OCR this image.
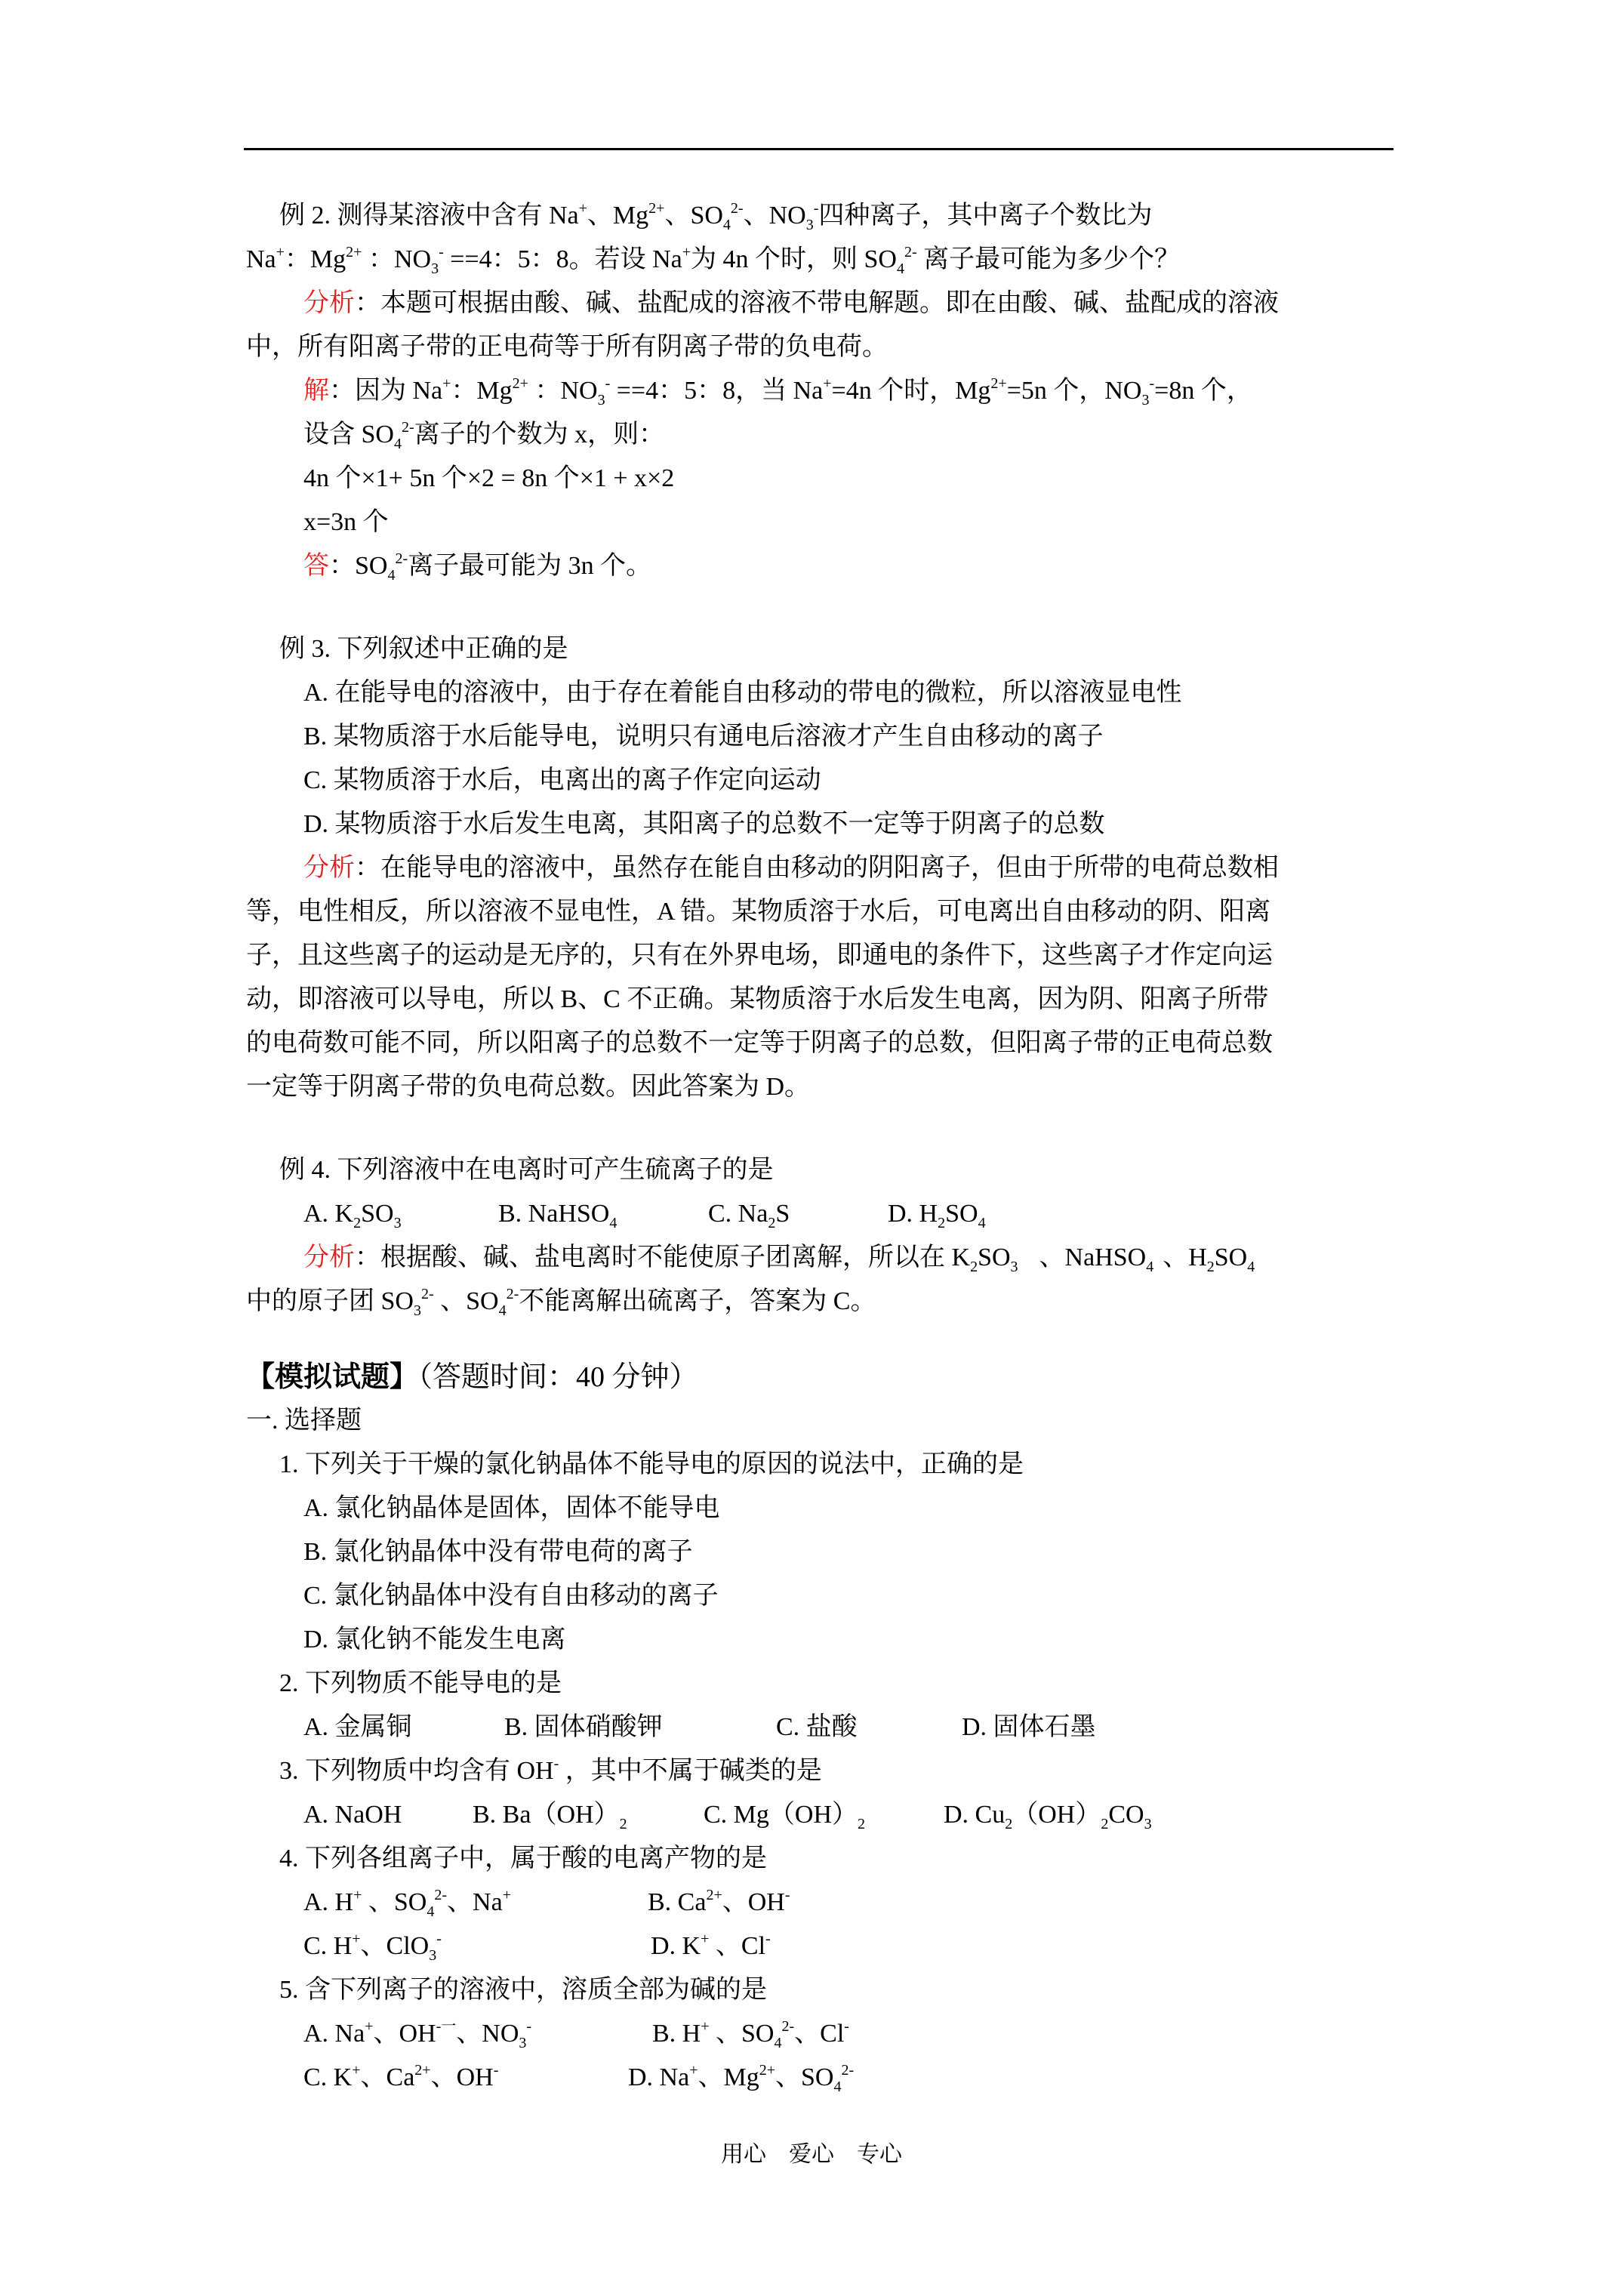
例 2. 测得某溶液中含有 Na+、$Mg^{2+}$、$SO_4^{2-}$、$NO_3^-$四种离子，其中离子个数比为
Na+：$Mg^{2+}$ ：$NO_3^- ==4$：5：8。若设 Na+为 4n 个时，则 $SO_4^{2-}$ 离子最可能为多少个？
分析：本题可根据由酸、碱、盐配成的溶液不带电解题。即在由酸、碱、盐配成的溶液
中，所有阳离子带的正电荷等于所有阴离子带的负电荷。
解：因为 Na+：$Mg^{2+}$ ：$NO_3^- ==4$：5：8，当 Na+=4n 个时，$Mg^{2+}=5n$ 个，$NO_3^-=8n$ 个，
设含 $SO_4^{2-}$离子的个数为 x，则：
4n 个×1+ 5n 个×2 = 8n 个×1 + x×2
x=3n 个
答：$SO_4^{2-}$离子最可能为 3n 个。
例 3. 下列叙述中正确的是
A. 在能导电的溶液中，由于存在着能自由移动的带电的微粒，所以溶液显电性
B. 某物质溶于水后能导电，说明只有通电后溶液才产生自由移动的离子
C. 某物质溶于水后，电离出的离子作定向运动
D. 某物质溶于水后发生电离，其阳离子的总数不一定等于阴离子的总数
分析：在能导电的溶液中，虽然存在能自由移动的阴阳离子，但由于所带的电荷总数相
等，电性相反，所以溶液不显电性，A 错。某物质溶于水后，可电离出自由移动的阴、阳离
子，且这些离子的运动是无序的，只有在外界电场，即通电的条件下，这些离子才作定向运
动，即溶液可以导电，所以 B、C 不正确。某物质溶于水后发生电离，因为阴、阳离子所带
的电荷数可能不同，所以阳离子的总数不一定等于阴离子的总数，但阳离子带的正电荷总数
一定等于阴离子带的负电荷总数。因此答案为 D。
例 4. 下列溶液中在电离时可产生硫离子的是
A. $K_2SO_3$	B. NaHSO$_4$	C. $Na_2S$	D. $H_2SO_4$
分析：根据酸、碱、盐电离时不能使原子团离解，所以在 $K_2SO_3$ 、NaHSO$_4$ 、$H_2SO_4$
中的原子团 $SO_3^{2-}$ 、$SO_4^{2-}$不能离解出硫离子，答案为 C。
【模拟试题】（答题时间：40 分钟）
一. 选择题
1. 下列关于干燥的氯化钠晶体不能导电的原因的说法中，正确的是
A. 氯化钠晶体是固体，固体不能导电
B. 氯化钠晶体中没有带电荷的离子
C. 氯化钠晶体中没有自由移动的离子
D. 氯化钠不能发生电离
2. 下列物质不能导电的是
A. 金属铜	B. 固体硝酸钾	C. 盐酸	D. 固体石墨
3. 下列物质中均含有 OH- ，其中不属于碱类的是
A. NaOH	B. $Ba(OH)_2$	C. $Mg(OH)_2$	D. $Cu_2(OH)_2CO_3$
4. 下列各组离子中，属于酸的电离产物的是
A. H+ 、$SO_4^{2-}$、Na+	B. $Ca^{2+}$、OH-
C. H+、ClO$_3$-	D. K+ 、Cl-
5. 含下列离子的溶液中，溶质全部为碱的是
A. Na+、$OH^{-一}$、$NO_3^-$	B. H+ 、$SO_4^{2-}$、Cl-
C. K+、$Ca^{2+}$、OH-	D. Na+、$Mg^{2+}$、$SO_4^{2-}$
用心    爱心    专心
